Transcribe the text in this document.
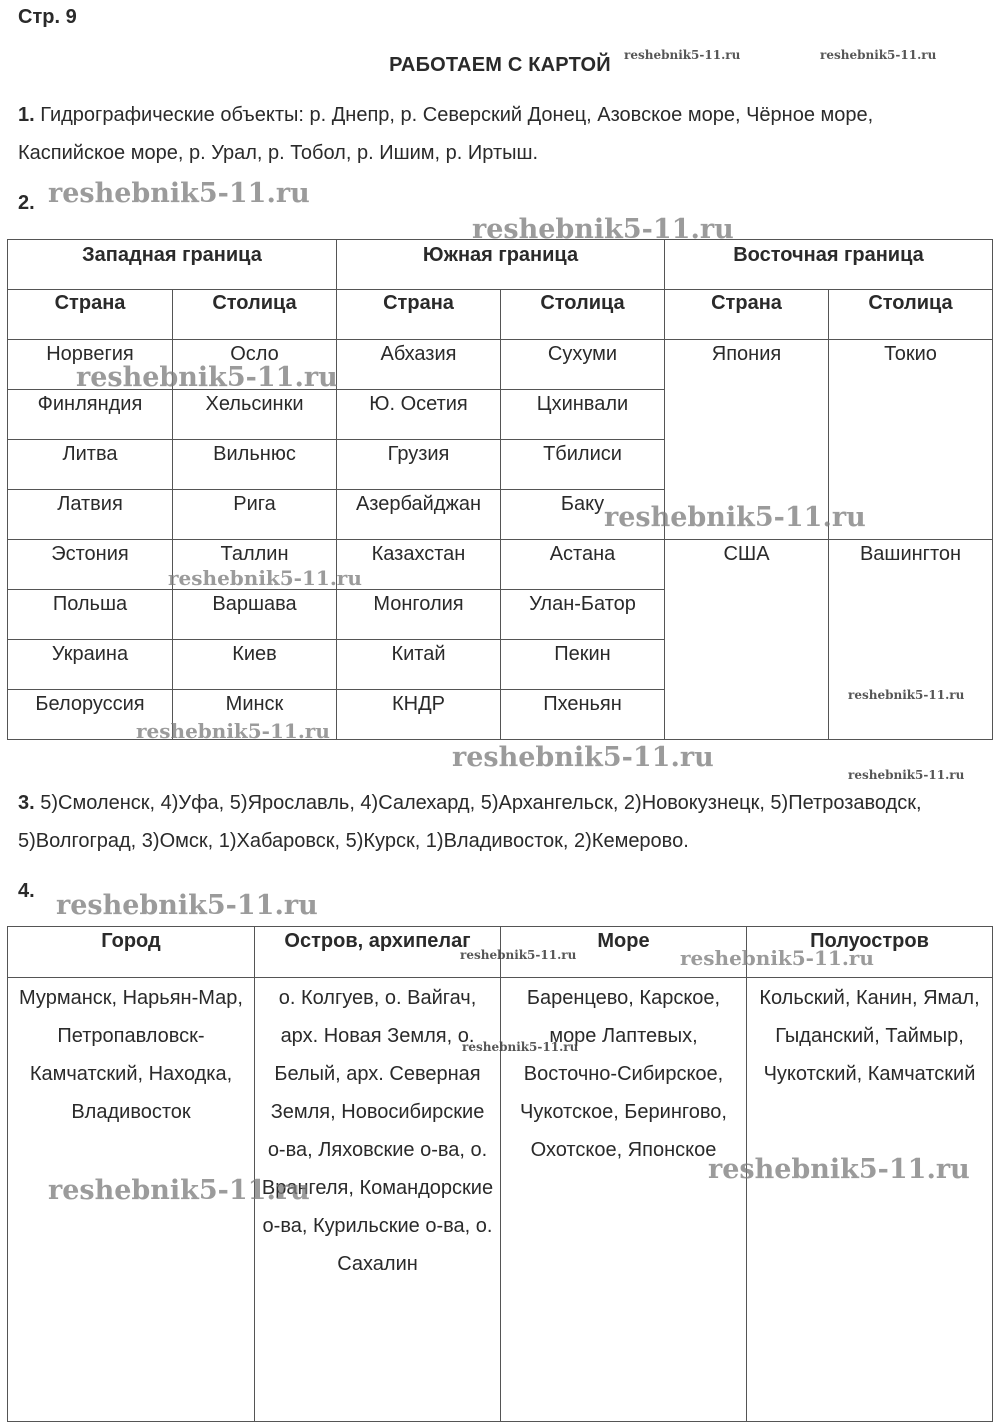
Стр. 9
РАБОТАЕМ С КАРТОЙ
1. Гидрографические объекты: р. Днепр, р. Северский Донец, Азовское море, Чёрное море, Каспийское море, р. Урал, р. Тобол, р. Ишим, р. Иртыш.
2.
Западная граница		Южная граница		Восточная граница	
Страна	Столица	Страна	Столица	Страна	Столица
Норвегия	Осло	Абхазия	Сухуми	Япония	Токио
Финляндия	Хельсинки	Ю. Осетия	Цхинвали		
Литва	Вильнюс	Грузия	Тбилиси		
Латвия	Рига	Азербайджан	Баку		
Эстония	Таллин	Казахстан	Астана	США	Вашингтон
Польша	Варшава	Монголия	Улан-Батор		
Украина	Киев	Китай	Пекин		
Белоруссия	Минск	КНДР	Пхеньян		
3. 5)Смоленск, 4)Уфа, 5)Ярославль, 4)Салехард, 5)Архангельск, 2)Новокузнецк, 5)Петрозаводск, 5)Волгоград, 3)Омск, 1)Хабаровск, 5)Курск, 1)Владивосток, 2)Кемерово.
4.
Город	Остров, архипелаг	Море	Полуостров
Мурманск, Нарьян-Мар, Петропавловск-Камчатский, Находка, Владивосток	о. Колгуев, о. Вайгач, арх. Новая Земля, о. Белый, арх. Северная Земля, Новосибирские о-ва, Ляховские о-ва, о. Врангеля, Командорские о-ва, Курильские о-ва, о. Сахалин	Баренцево, Карское, море Лаптевых, Восточно-Сибирское, Чукотское, Берингово, Охотское, Японское	Кольский, Канин, Ямал, Гыданский, Таймыр, Чукотский, Камчатский
reshebnik5-11.ru	reshebnik5-11.ru
reshebnik5-11.ru
reshebnik5-11.ru
reshebnik5-11.ru
reshebnik5-11.ru
reshebnik5-11.ru
reshebnik5-11.ru
reshebnik5-11.ru
reshebnik5-11.ru
reshebnik5-11.ru
reshebnik5-11.ru
reshebnik5-11.ru	reshebnik5-11.ru
reshebnik5-11.ru
reshebnik5-11.ru
reshebnik5-11.ru
